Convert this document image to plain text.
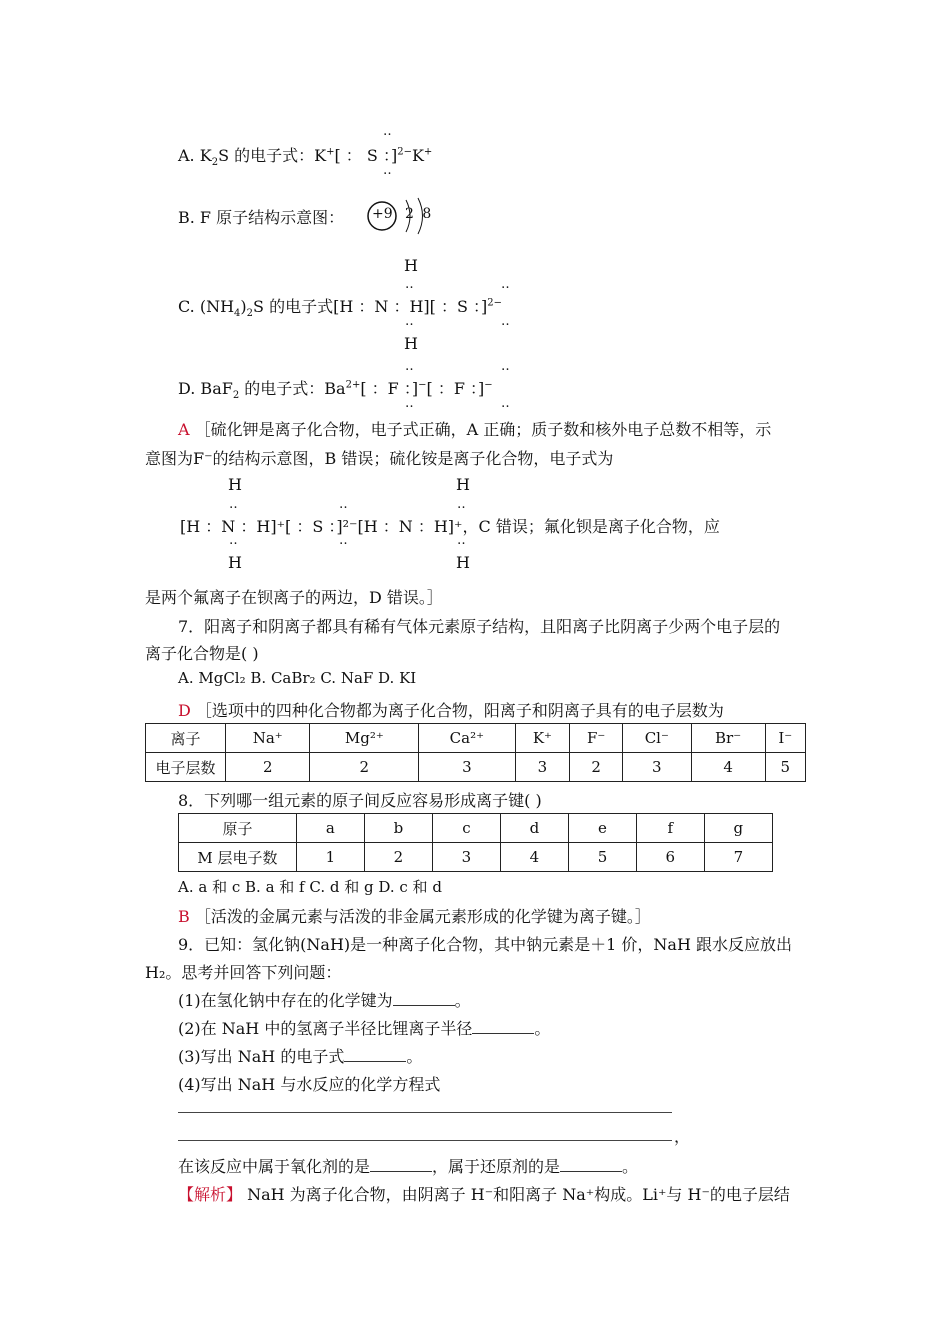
‥
A. $K_2S$ 的电子式：K+[ ： S ：]$^{2-}$K+
‥
B. F 原子结构示意图： +9 2 8
H
‥	‥
C. $(NH_4)_2S$ 的电子式[H ：N ：H][ ：S ：]$^{2-}$
‥	‥
H
‥	‥
D. BaF$_2$ 的电子式：$Ba^{2+}$[ ：F ：]−[ ：F ：]−
‥	‥
A ［硫化钾是离子化合物，电子式正确，A 正确；质子数和核外电子总数不相等，示
意图为F⁻的结构示意图，B 错误；硫化铵是离子化合物，电子式为
H	H
‥	‥	‥
[H ：N ：H]⁺[ ：S ：]²⁻[H ：N ：H]⁺，C 错误；氟化钡是离子化合物，应
‥	‥	‥
H	H
是两个氟离子在钡离子的两边，D 错误。］
7．阳离子和阴离子都具有稀有气体元素原子结构，且阳离子比阴离子少两个电子层的
离子化合物是( )
A. MgCl₂ B. CaBr₂ C. NaF D. KI
D ［选项中的四种化合物都为离子化合物，阳离子和阴离子具有的电子层数为
离子	Na⁺	Mg²⁺	Ca²⁺	K⁺	F⁻	Cl⁻	Br⁻	I⁻
电子层数	2	2	3	3	2	3	4	5
8．下列哪一组元素的原子间反应容易形成离子键( )
原子	a	b	c	d	e	f	g
M 层电子数	1	2	3	4	5	6	7
A. a 和 c B. a 和 f C. d 和 g D. c 和 d
B ［活泼的金属元素与活泼的非金属元素形成的化学键为离子键。］
9．已知：氢化钠(NaH)是一种离子化合物，其中钠元素是＋1 价，NaH 跟水反应放出
H₂。思考并回答下列问题：
(1)在氢化钠中存在的化学键为	。
(2)在 NaH 中的氢离子半径比锂离子半径	。
(3)写出 NaH 的电子式	。
(4)写出 NaH 与水反应的化学方程式
，
在该反应中属于氧化剂的是	，属于还原剂的是	。
【解析】 NaH 为离子化合物，由阴离子 H⁻和阳离子 Na⁺构成。Li⁺与 H⁻的电子层结
